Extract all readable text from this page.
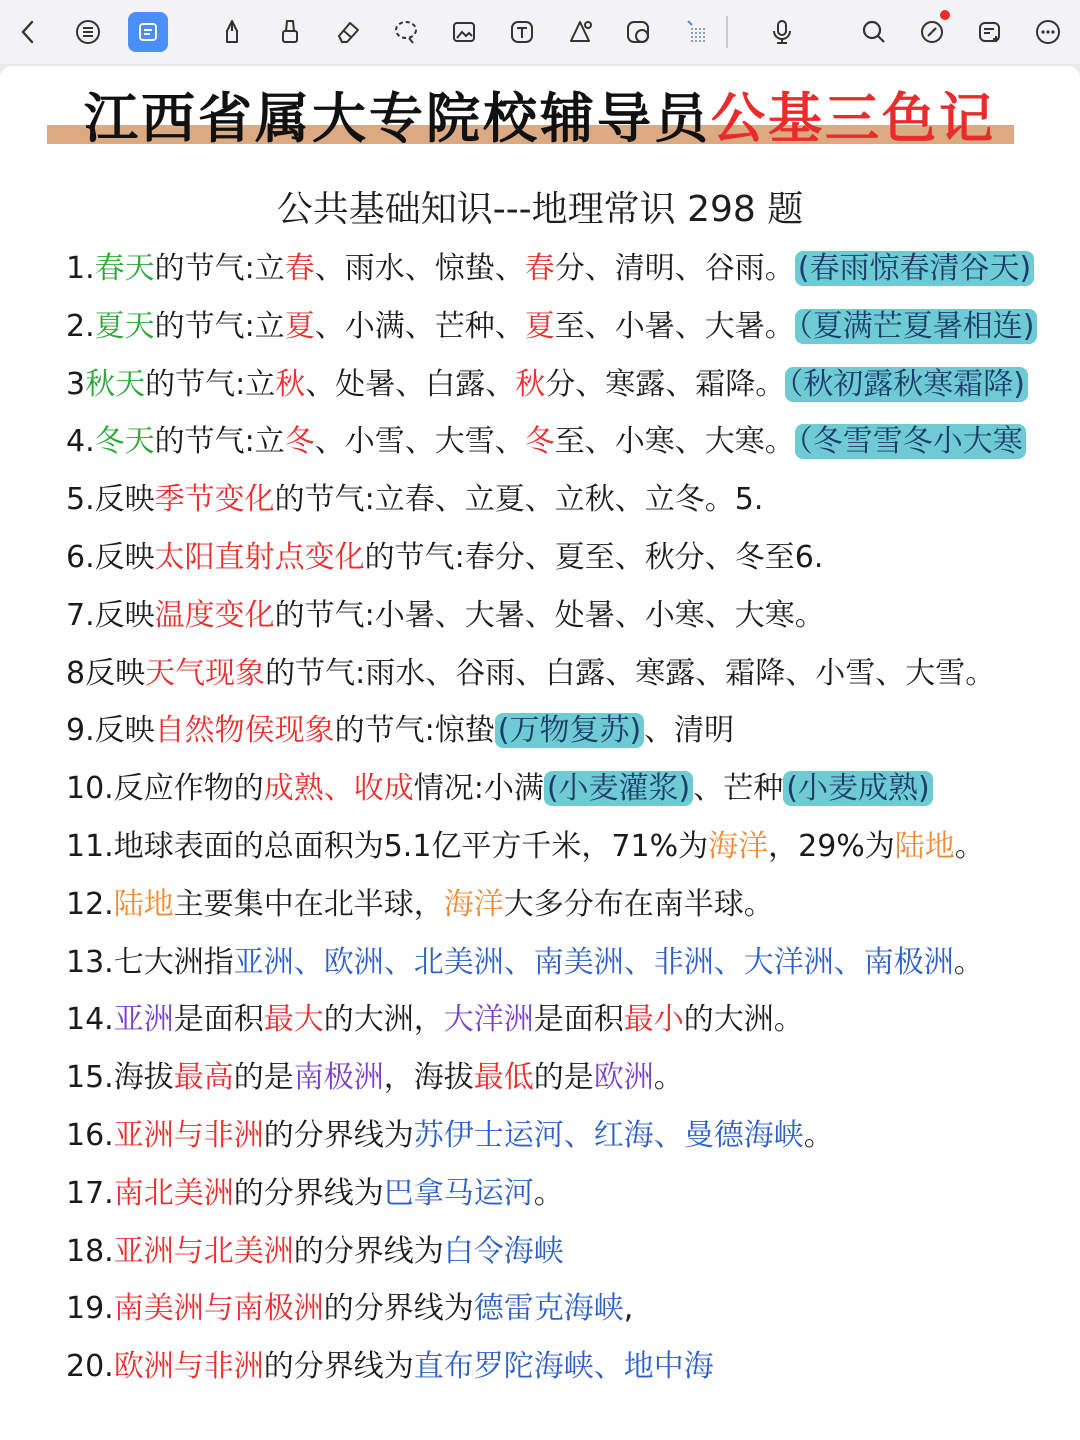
江西省属大专院校辅导员公基三色记
公共基础知识---地理常识 298 题
1.春天的节气:立春、雨水、惊蛰、春分、清明、谷雨。 (春雨惊春清谷天)
2.夏天的节气:立夏、小满、芒种、夏至、小暑、大暑。 （夏满芒夏暑相连)
3秋天的节气:立秋、处暑、白露、秋分、寒露、霜降。 （秋初露秋寒霜降)
4.冬天的节气:立冬、小雪、大雪、冬至、小寒、大寒。 （冬雪雪冬小大寒
5.反映季节变化的节气:立春、立夏、立秋、立冬。5.
6.反映太阳直射点变化的节气:春分、夏至、秋分、冬至6.
7.反映温度变化的节气:小暑、大暑、处暑、小寒、大寒。
8反映天气现象的节气:雨水、谷雨、白露、寒露、霜降、小雪、大雪。
9.反映自然物侯现象的节气:惊蛰 (万物复苏) 、清明
10.反应作物的成熟、收成情况:小满 (小麦灌浆) 、芒种 (小麦成熟)
11.地球表面的总面积为5.1亿平方千米，71%为海洋，29%为陆地。
12.陆地主要集中在北半球，海洋大多分布在南半球。
13.七大洲指亚洲、欧洲、北美洲、南美洲、非洲、大洋洲、南极洲。
14.亚洲是面积最大的大洲，大洋洲是面积最小的大洲。
15.海拔最高的是南极洲，海拔最低的是欧洲。
16.亚洲与非洲的分界线为苏伊士运河、红海、曼德海峡。
17.南北美洲的分界线为巴拿马运河。
18.亚洲与北美洲的分界线为白令海峡
19.南美洲与南极洲的分界线为德雷克海峡,
20.欧洲与非洲的分界线为直布罗陀海峡、地中海
